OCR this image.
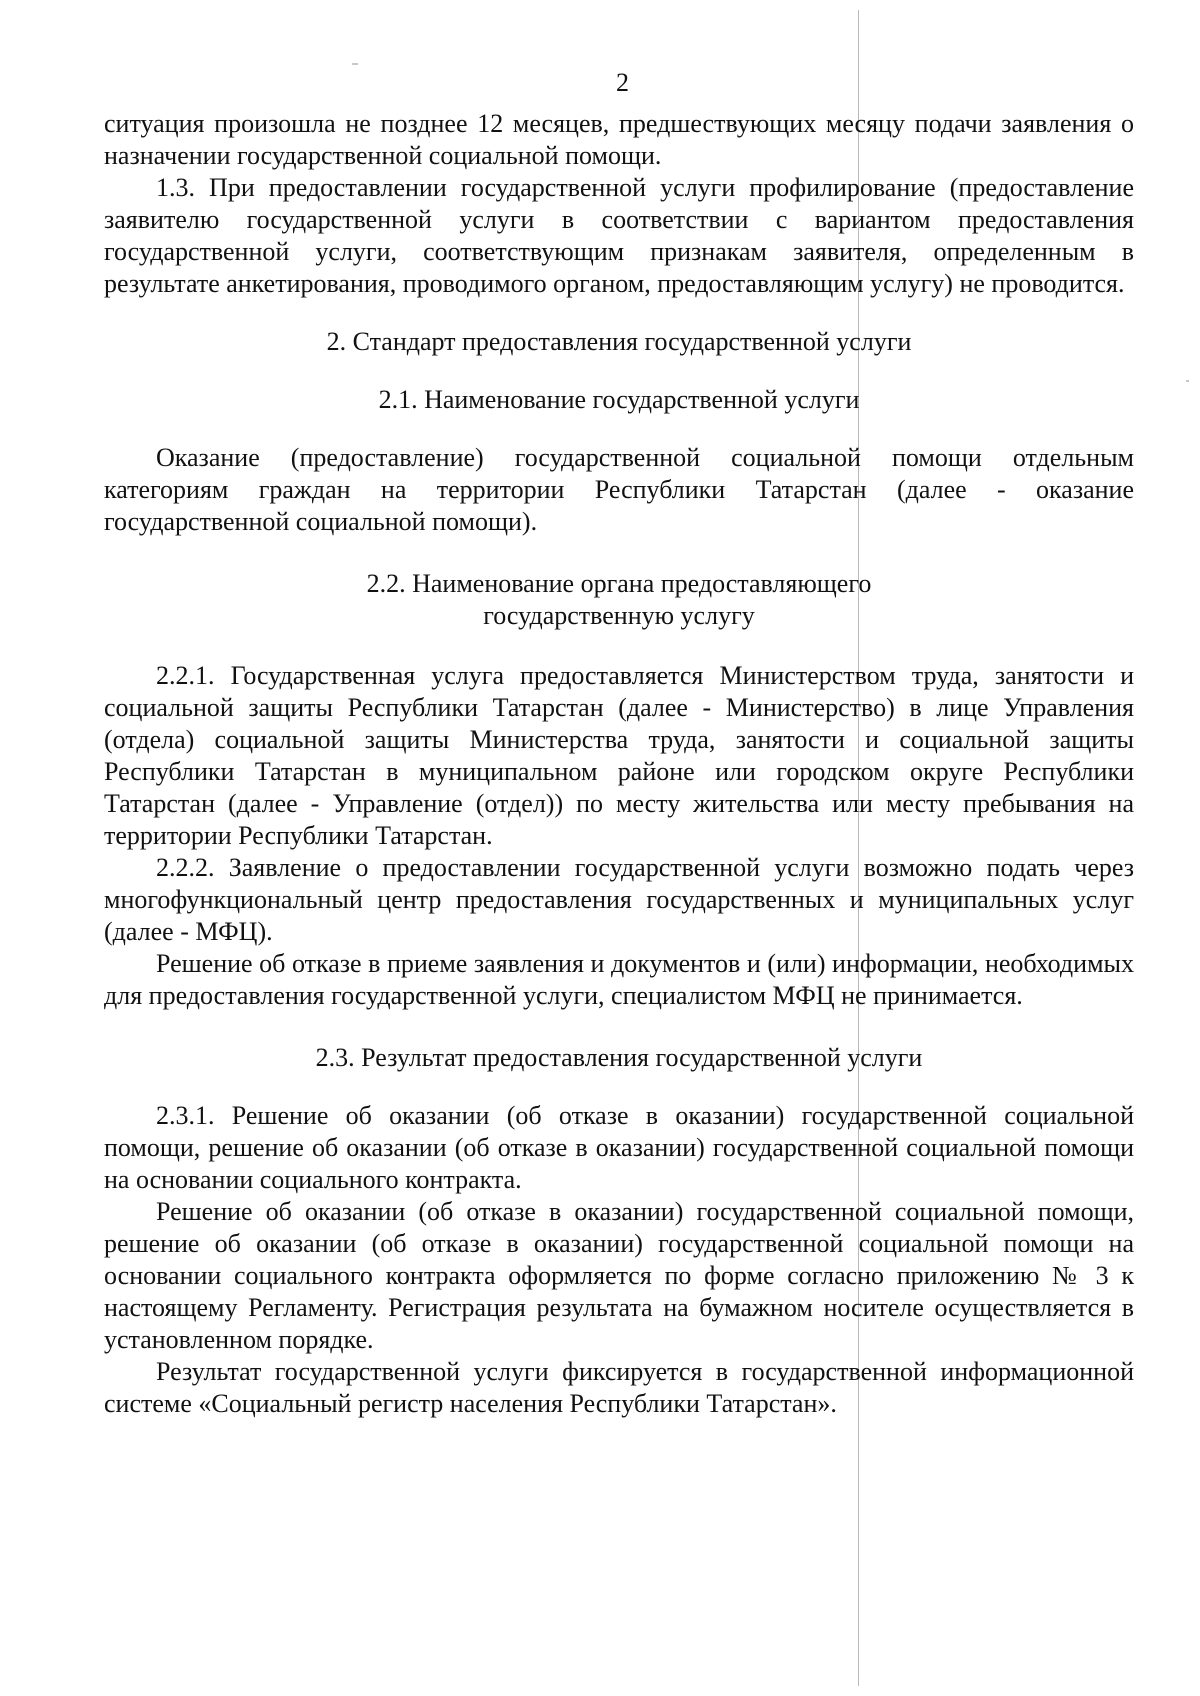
2

ситуация произошла не позднее 12 месяцев, предшествующих месяцу подачи заявления о назначении государственной социальной помощи.

1.3. При предоставлении государственной услуги профилирование (предоставление заявителю государственной услуги в соответствии с вариантом предоставления государственной услуги, соответствующим признакам заявителя, определенным в результате анкетирования, проводимого органом, предоставляющим услугу) не проводится.

2. Стандарт предоставления государственной услуги

2.1. Наименование государственной услуги

Оказание (предоставление) государственной социальной помощи отдельным категориям граждан на территории Республики Татарстан (далее - оказание государственной социальной помощи).

2.2. Наименование органа предоставляющего

государственную услугу

2.2.1. Государственная услуга предоставляется Министерством труда, занятости и социальной защиты Республики Татарстан (далее - Министерство) в лице Управления (отдела) социальной защиты Министерства труда, занятости и социальной защиты Республики Татарстан в муниципальном районе или городском округе Республики Татарстан (далее - Управление (отдел)) по месту жительства или месту пребывания на территории Республики Татарстан.

2.2.2. Заявление о предоставлении государственной услуги возможно подать через многофункциональный центр предоставления государственных и муниципальных услуг (далее - МФЦ).

Решение об отказе в приеме заявления и документов и (или) информации, необходимых для предоставления государственной услуги, специалистом МФЦ не принимается.

2.3. Результат предоставления государственной услуги

2.3.1. Решение об оказании (об отказе в оказании) государственной социальной помощи, решение об оказании (об отказе в оказании) государственной социальной помощи на основании социального контракта.

Решение об оказании (об отказе в оказании) государственной социальной помощи, решение об оказании (об отказе в оказании) государственной социальной помощи на основании социального контракта оформляется по форме согласно приложению № 3 к настоящему Регламенту. Регистрация результата на бумажном носителе осуществляется в установленном порядке.

Результат государственной услуги фиксируется в государственной информационной системе «Социальный регистр населения Республики Татарстан».
